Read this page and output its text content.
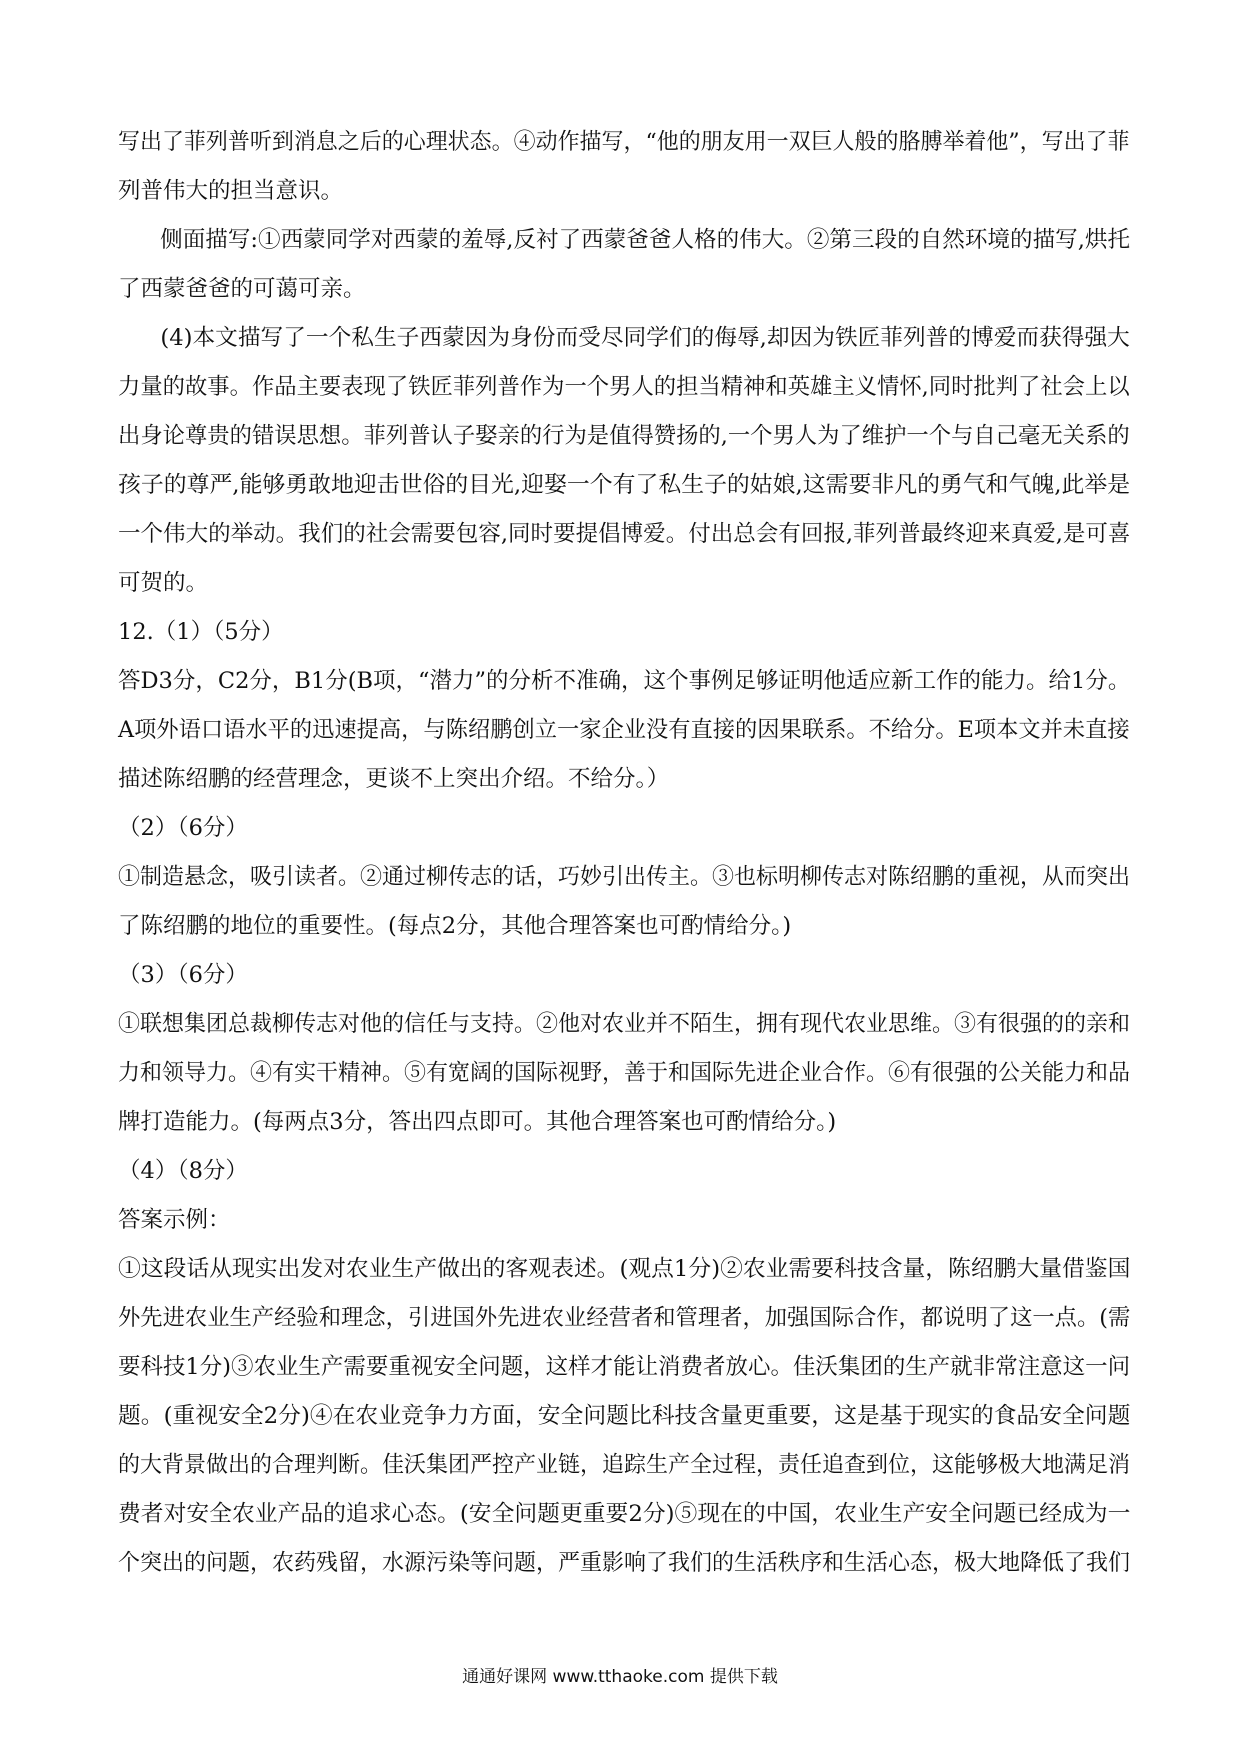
写出了菲列普听到消息之后的心理状态。④动作描写，“他的朋友用一双巨人般的胳膊举着他”，写出了菲
列普伟大的担当意识。
侧面描写:①西蒙同学对西蒙的羞辱,反衬了西蒙爸爸人格的伟大。②第三段的自然环境的描写,烘托
了西蒙爸爸的可蔼可亲。
(4)本文描写了一个私生子西蒙因为身份而受尽同学们的侮辱,却因为铁匠菲列普的博爱而获得强大
力量的故事。作品主要表现了铁匠菲列普作为一个男人的担当精神和英雄主义情怀,同时批判了社会上以
出身论尊贵的错误思想。菲列普认子娶亲的行为是值得赞扬的,一个男人为了维护一个与自己毫无关系的
孩子的尊严,能够勇敢地迎击世俗的目光,迎娶一个有了私生子的姑娘,这需要非凡的勇气和气魄,此举是
一个伟大的举动。我们的社会需要包容,同时要提倡博爱。付出总会有回报,菲列普最终迎来真爱,是可喜
可贺的。
12.（1）（5分）
答D3分，C2分，B1分(B项，“潜力”的分析不准确，这个事例足够证明他适应新工作的能力。给1分。
A项外语口语水平的迅速提高，与陈绍鹏创立一家企业没有直接的因果联系。不给分。E项本文并未直接
描述陈绍鹏的经营理念，更谈不上突出介绍。不给分。）
（2）（6分）
①制造悬念，吸引读者。②通过柳传志的话，巧妙引出传主。③也标明柳传志对陈绍鹏的重视，从而突出
了陈绍鹏的地位的重要性。(每点2分，其他合理答案也可酌情给分。)
（3）（6分）
①联想集团总裁柳传志对他的信任与支持。②他对农业并不陌生，拥有现代农业思维。③有很强的的亲和
力和领导力。④有实干精神。⑤有宽阔的国际视野，善于和国际先进企业合作。⑥有很强的公关能力和品
牌打造能力。(每两点3分，答出四点即可。其他合理答案也可酌情给分。)
（4）（8分）
答案示例：
①这段话从现实出发对农业生产做出的客观表述。(观点1分)②农业需要科技含量，陈绍鹏大量借鉴国
外先进农业生产经验和理念，引进国外先进农业经营者和管理者，加强国际合作，都说明了这一点。(需
要科技1分)③农业生产需要重视安全问题，这样才能让消费者放心。佳沃集团的生产就非常注意这一问
题。(重视安全2分)④在农业竞争力方面，安全问题比科技含量更重要，这是基于现实的食品安全问题
的大背景做出的合理判断。佳沃集团严控产业链，追踪生产全过程，责任追查到位，这能够极大地满足消
费者对安全农业产品的追求心态。(安全问题更重要2分)⑤现在的中国，农业生产安全问题已经成为一
个突出的问题，农药残留，水源污染等问题，严重影响了我们的生活秩序和生活心态，极大地降低了我们
通通好课网 www.tthaoke.com 提供下载
